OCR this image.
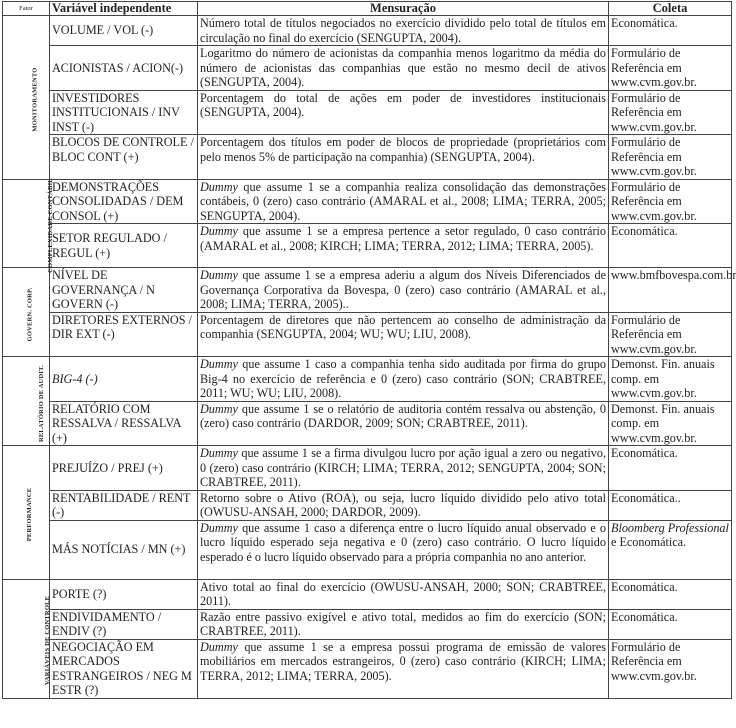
Fator	Variável independente	Mensuração	Coleta
MONITORAMENTO	VOLUME / VOL (-)	Número total de títulos negociados no exercício dividido pelo total de títulos em circulação no final do exercício (SENGUPTA, 2004).	Economática.
	ACIONISTAS / ACION(-)	Logaritmo do número de acionistas da companhia menos logaritmo da média do número de acionistas das companhias que estão no mesmo decil de ativos (SENGUPTA, 2004).	Formulário de Referência em www.cvm.gov.br.
	INVESTIDORES INSTITUCIONAIS / INV INST (-)	Porcentagem do total de ações em poder de investidores institucionais (SENGUPTA, 2004).	Formulário de Referência em www.cvm.gov.br.
	BLOCOS DE CONTROLE / BLOC CONT (+)	Porcentagem dos títulos em poder de blocos de propriedade (proprietários com pelo menos 5% de participação na companhia) (SENGUPTA, 2004).	Formulário de Referência em www.cvm.gov.br.
COMPLEXIDADE CONTÁBIL	DEMONSTRAÇÕES CONSOLIDADAS / DEM CONSOL (+)	Dummy que assume 1 se a companhia realiza consolidação das demonstrações contábeis, 0 (zero) caso contrário (AMARAL et al., 2008; LIMA; TERRA, 2005; SENGUPTA, 2004).	Formulário de Referência em www.cvm.gov.br.
	SETOR REGULADO / REGUL (+)	Dummy que assume 1 se a empresa pertence a setor regulado, 0 caso contrário (AMARAL et al., 2008; KIRCH; LIMA; TERRA, 2012; LIMA; TERRA, 2005).	Economática.
GOVERN. CORP.	NÍVEL DE GOVERNANÇA / N GOVERN (-)	Dummy que assume 1 se a empresa aderiu a algum dos Níveis Diferenciados de Governança Corporativa da Bovespa, 0 (zero) caso contrário (AMARAL et al., 2008; LIMA; TERRA, 2005)..	www.bmfbovespa.com.br
	DIRETORES EXTERNOS / DIR EXT (-)	Porcentagem de diretores que não pertencem ao conselho de administração da companhia (SENGUPTA, 2004; WU; WU; LIU, 2008).	Formulário de Referência em www.cvm.gov.br.
RELATÓRIO DE AUDIT.	BIG-4 (-)	Dummy que assume 1 caso a companhia tenha sido auditada por firma do grupo Big-4 no exercício de referência e 0 (zero) caso contrário (SON; CRABTREE, 2011; WU; WU; LIU, 2008).	Demonst. Fin. anuais comp. em www.cvm.gov.br.
	RELATÓRIO COM RESSALVA / RESSALVA (+)	Dummy que assume 1 se o relatório de auditoria contém ressalva ou abstenção, 0 (zero) caso contrário (DARDOR, 2009; SON; CRABTREE, 2011).	Demonst. Fin. anuais comp. em www.cvm.gov.br.
PERFORMANCE	PREJUÍZO / PREJ (+)	Dummy que assume 1 se a firma divulgou lucro por ação igual a zero ou negativo, 0 (zero) caso contrário (KIRCH; LIMA; TERRA, 2012; SENGUPTA, 2004; SON; CRABTREE, 2011).	Economática.
	RENTABILIDADE / RENT (-)	Retorno sobre o Ativo (ROA), ou seja, lucro líquido dividido pelo ativo total (OWUSU-ANSAH, 2000; DARDOR, 2009).	Economática..
	MÁS NOTÍCIAS / MN (+)	Dummy que assume 1 caso a diferença entre o lucro líquido anual observado e o lucro líquido esperado seja negativa e 0 (zero) caso contrário. O lucro líquido esperado é o lucro líquido observado para a própria companhia no ano anterior.	Bloomberg Professional e Economática.
VARIÁVEIS DE CONTROLE	PORTE (?)	Ativo total ao final do exercício (OWUSU-ANSAH, 2000; SON; CRABTREE, 2011).	Economática.
	ENDIVIDAMENTO / ENDIV (?)	Razão entre passivo exigível e ativo total, medidos ao fim do exercício (SON; CRABTREE, 2011).	Economática.
	NEGOCIAÇÃO EM MERCADOS ESTRANGEIROS / NEG M ESTR (?)	Dummy que assume 1 se a empresa possui programa de emissão de valores mobiliários em mercados estrangeiros, 0 (zero) caso contrário (KIRCH; LIMA; TERRA, 2012; LIMA; TERRA, 2005).	Formulário de Referência em www.cvm.gov.br.
